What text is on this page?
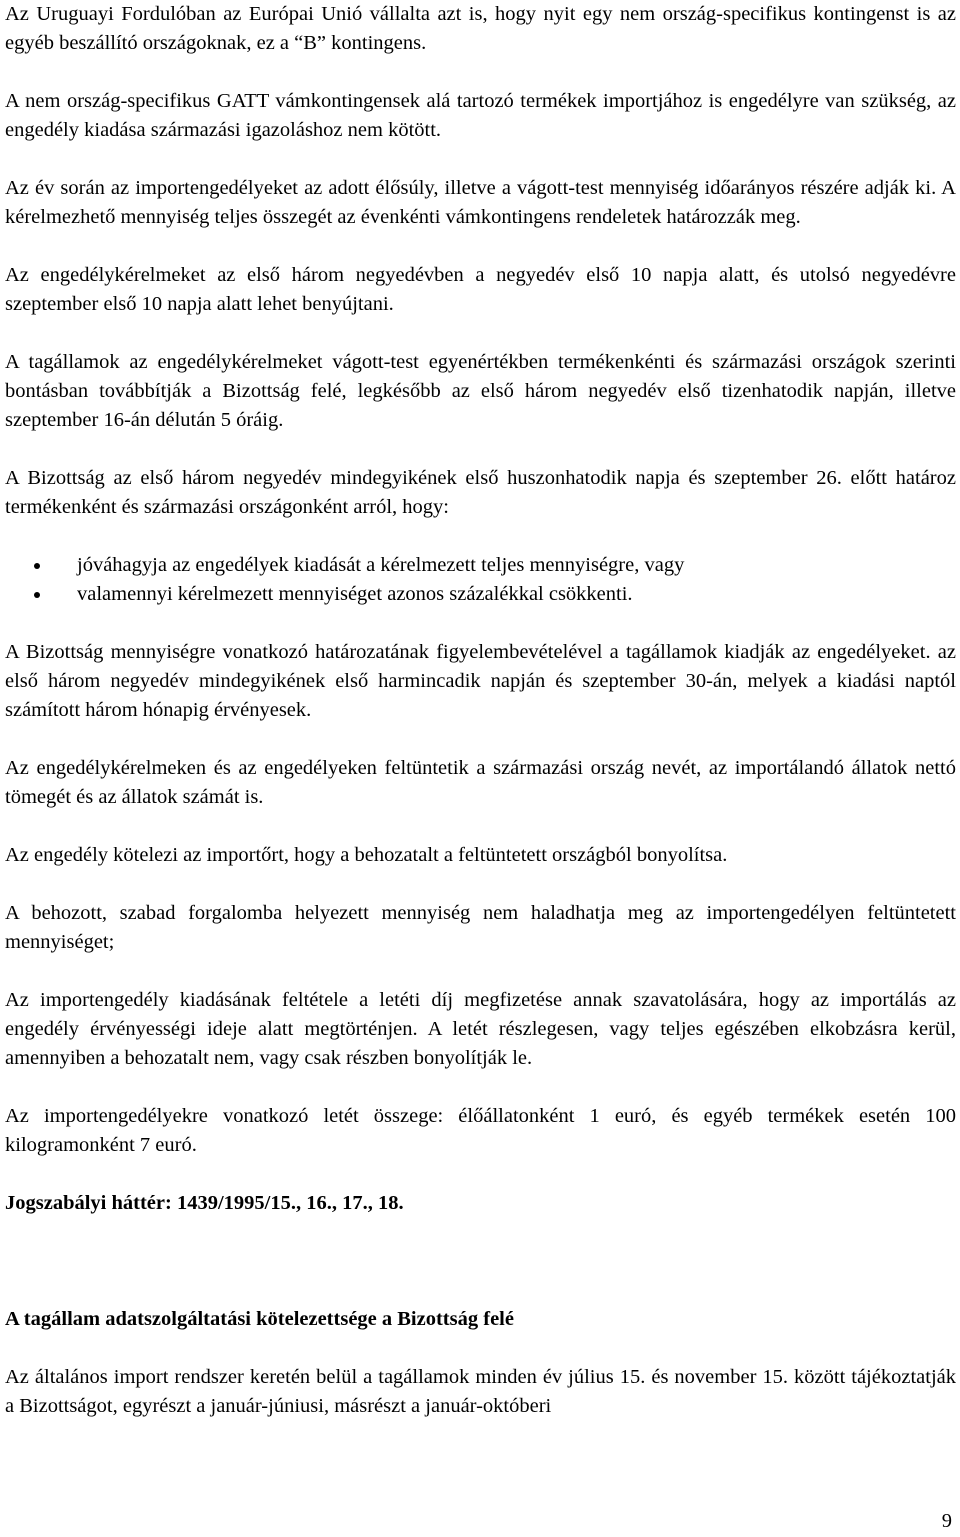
Az Uruguayi Fordulóban az Európai Unió vállalta azt is, hogy nyit egy nem ország-specifikus kontingenst is az egyéb beszállító országoknak, ez a “B” kontingens.

A nem ország-specifikus GATT vámkontingensek alá tartozó termékek importjához is engedélyre van szükség, az engedély kiadása származási igazoláshoz nem kötött.

Az év során az importengedélyeket az adott élősúly, illetve a vágott-test mennyiség időarányos részére adják ki. A kérelmezhető mennyiség teljes összegét az évenkénti vámkontingens rendeletek határozzák meg.

Az engedélykérelmeket az első három negyedévben a negyedév első 10 napja alatt, és utolsó negyedévre szeptember első 10 napja alatt lehet benyújtani.

A tagállamok az engedélykérelmeket vágott-test egyenértékben termékenkénti és származási országok szerinti bontásban továbbítják a Bizottság felé, legkésőbb az első három negyedév első tizenhatodik napján, illetve szeptember 16-án délután 5 óráig.

A Bizottság az első három negyedév mindegyikének első huszonhatodik napja és szeptember 26. előtt határoz termékenként és származási országonként arról, hogy:

jóváhagyja az engedélyek kiadását a kérelmezett teljes mennyiségre, vagy
valamennyi kérelmezett mennyiséget azonos százalékkal csökkenti.

A Bizottság mennyiségre vonatkozó határozatának figyelembevételével a tagállamok kiadják az engedélyeket. az első három negyedév mindegyikének első harmincadik napján és szeptember 30-án, melyek a kiadási naptól számított három hónapig érvényesek.

Az engedélykérelmeken és az engedélyeken feltüntetik a származási ország nevét, az importálandó állatok nettó tömegét és az állatok számát is.

Az engedély kötelezi az importőrt, hogy a behozatalt a feltüntetett országból bonyolítsa.

A behozott, szabad forgalomba helyezett mennyiség nem haladhatja meg az importengedélyen feltüntetett mennyiséget;

Az importengedély kiadásának feltétele a letéti díj megfizetése annak szavatolására, hogy az importálás az engedély érvényességi ideje alatt megtörténjen. A letét részlegesen, vagy teljes egészében elkobzásra kerül, amennyiben a behozatalt nem, vagy csak részben bonyolítják le.

Az importengedélyekre vonatkozó letét összege: élőállatonként 1 euró, és egyéb termékek esetén 100 kilogramonként 7 euró.

Jogszabályi háttér: 1439/1995/15., 16., 17., 18.

A tagállam adatszolgáltatási kötelezettsége a Bizottság felé

Az általános import rendszer keretén belül a tagállamok minden év július 15. és november 15. között tájékoztatják a Bizottságot, egyrészt a január-júniusi, másrészt a január-októberi

9
